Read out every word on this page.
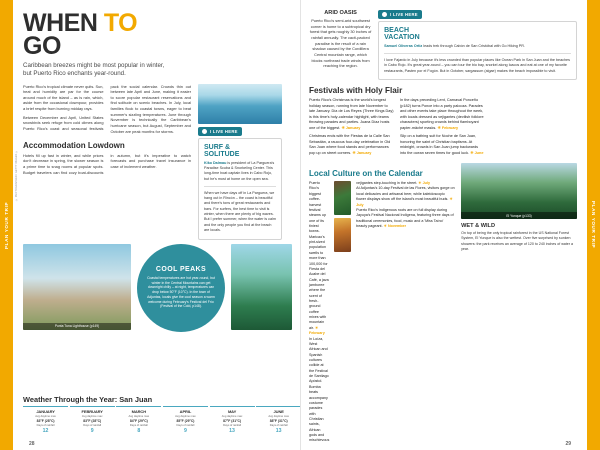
PLAN YOUR TRIP
WHEN TO GO
Caribbean breezes might be most popular in winter, but Puerto Rico enchants year-round.

Puerto Rico's tropical climate never quits. Sun, heat and humidity are par for the course around much of the island – as is rain, which, aside from the occasional downpour, provides a brief respite from burning midday rays.

Between December and April, United States snowbirds seek refuge from cold climes along Puerto Rico's coast and seasonal festivals pack the social calendar. Crowds thin out between late April and June, making it easier to score popular restaurant reservations and find solitude on scenic beaches. In July, local families flock to coastal towns, eager to beat summer's sizzling temperatures. June through November is technically the Caribbean's hurricane season, but August, September and October are peak months for storms.

Accommodation Lowdown

Hotels fill up fast in winter, and while prices don't decrease in spring, the slower season is a prime time to snag rooms at popular spots. Budget travelers can find cozy boat-discounts in autumn, but it's imperative to watch forecasts and purchase travel insurance in case of inclement weather.

I LIVE HERE
SURF &
SOLITUDE
Kiko Dalmau is president of La Parguera's Paradise Scuba & Snorkeling Center. This long-time boat captain lives in Cabo Rojo, but he's most at home on the open sea.
When we have days off in La Parguera, we hang out in Rincón – the coast is beautiful and there's tons of great restaurants and bars. For surfers, the best time to visit is winter, when there are plenty of big waves. But I prefer summer, when the water is calm and the only people you find at the beach are locals.
Punta Tuna Lighthouse (p149)
COOL PEAKS
Coastal temperatures are hot year-round, but winter in the Central Mountains can get downright chilly – at night, temperatures can drop below 50°F (10°C). In the town of Adjuntas, locals give the cool season a warm welcome during February's Festival del Frío (Festival of the Cold, p148).
Weather Through the Year: San Juan
JANUARY
Avg daytime max
83°F (28°C)
Days of rainfall
12
FEBRUARY
Avg daytime max
83°F (28°C)
Days of rainfall
9
MARCH
Avg daytime max
84°F (29°C)
Days of rainfall
8
APRIL
Avg daytime max
85°F (29°C)
Days of rainfall
9
MAY
Avg daytime max
87°F (31°C)
Days of rainfall
13
JUNE
Avg daytime max
88°F (31°C)
Days of rainfall
13
28
© PHOTOGRAPHER / GETTY IMAGES ©
ARID OASIS
Puerto Rico's semi-arid southwest corner is home to a subtropical dry forest that gets roughly 30 inches of rainfall annually. The cacti-packed paradise is the result of a rain shadow caused by the Cordillera Central mountain range, which blocks northeast trade winds from reaching the region.
I LIVE HERE
BEACH
VACATION
Samuel Oliveras Ortiz leads trek through Cabón de San Cristóbal with Go Hiking PR.
I love Fajardo in July because it's less crowded than popular places like Ocean Park in San Juan and the beaches in Cabo Rojo. It's great year-round – you can tour the bio bay, snorkel along Icacos and eat at one of my favorite restaurants, Pasten por el Fogón. But in October, sargassum (algae) makes the beach impossible to visit.
Festivals with Holy Flair

Puerto Rico's Christmas is the world's longest holiday season, running from late November to late January. Día de Los Reyes (Three Kings Day) is this time's holy-calendar highlight, with teams throwing parades and parties. Juana Díaz hosts one of the biggest. ☀ January

Christmas ends with the Fiestas de la Calle San Sebastián, a raucous four-day celebration in Old San Juan where food stands and performances pop up on street corners. ☀ January

In the days preceding Lent, Carnaval Ponceño (p182) turns Ponce into a party palooza. Parades and other events take place throughout the week, with locals dressed as vejigantes (devilish folklore characters) sporting crowds behind flamboyant papier-mâché masks. ☀ February

Slip on a bathing suit for Noche de San Juan, honoring the saint of Christian baptisms. At midnight, crowds in San Juan jump backwards into the ocean seven times for good luck. ☀ June

Local Culture on the Calendar

Puerto Rico's biggest coffee-harvest festival steams up one of its tiniest towns. Maricao's pint-sized population swells to more than 100,000 for Fiesta del Acabe del Café, a java jamboree where the scent of fresh-ground coffee mixes with mountain air. ☀ February

In Loíza, West African and Spanish cultures collide at the Festival de Santiago Apóstol. Bomba beats accompany costume parades with Christian saints, African gods and mischievous

vejigantes step-touching in the street. ☀ July

At Adjuntas's 10-day Festival de las Flores, visitors gorge on local delicacies and artisanal beer, while kaleidoscopic flower displays show off the island's most beautiful buds. ☀ July

Puerto Rico's indigenous roots are on full display during Jayuya's Festival Nacional Indígena, featuring three days of traditional ceremonies, food, music and a 'Miss Taíno' beauty pageant. ☀ November

El Yunque (p133)
WET & WILD
On top of being the only tropical rainforest in the US National Forest System, El Yunque is also the wettest. Over five surprised by sunken showers: the park receives an average of 120 to 240 inches of water a year.
29
PLAN YOUR TRIP
